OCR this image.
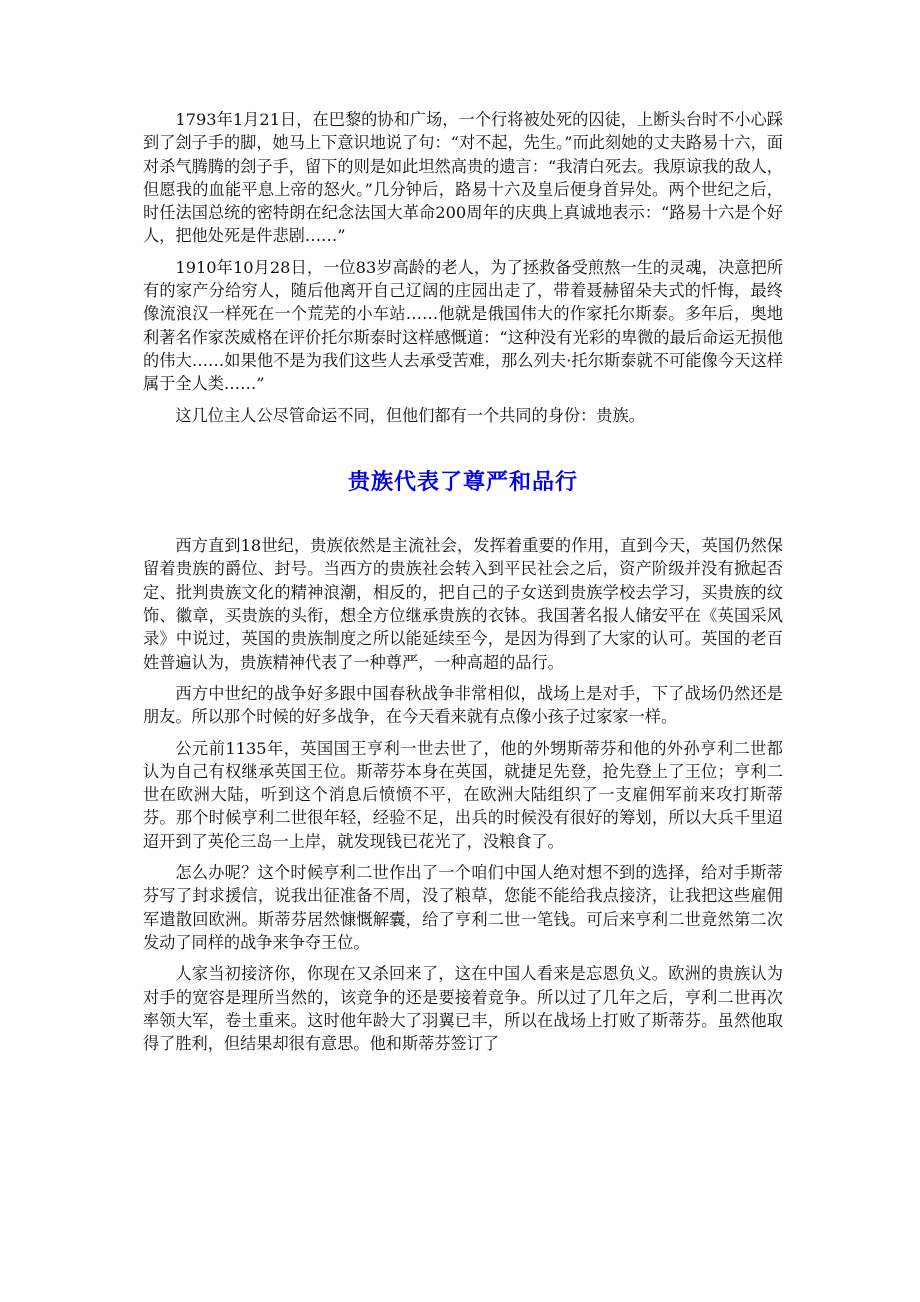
1793年1月21日，在巴黎的协和广场，一个行将被处死的囚徒，上断头台时不小心踩到了刽子手的脚，她马上下意识地说了句：“对不起，先生。”而此刻她的丈夫路易十六，面对杀气腾腾的刽子手，留下的则是如此坦然高贵的遗言：“我清白死去。我原谅我的敌人，但愿我的血能平息上帝的怒火。”几分钟后，路易十六及皇后便身首异处。两个世纪之后，时任法国总统的密特朗在纪念法国大革命200周年的庆典上真诚地表示：“路易十六是个好人，把他处死是件悲剧……”

1910年10月28日，一位83岁高龄的老人，为了拯救备受煎熬一生的灵魂，决意把所有的家产分给穷人，随后他离开自己辽阔的庄园出走了，带着聂赫留朵夫式的忏悔，最终像流浪汉一样死在一个荒芜的小车站……他就是俄国伟大的作家托尔斯泰。多年后，奥地利著名作家茨威格在评价托尔斯泰时这样感慨道：“这种没有光彩的卑微的最后命运无损他的伟大……如果他不是为我们这些人去承受苦难，那么列夫·托尔斯泰就不可能像今天这样属于全人类……”

这几位主人公尽管命运不同，但他们都有一个共同的身份：贵族。

贵族代表了尊严和品行

西方直到18世纪，贵族依然是主流社会，发挥着重要的作用，直到今天，英国仍然保留着贵族的爵位、封号。当西方的贵族社会转入到平民社会之后，资产阶级并没有掀起否定、批判贵族文化的精神浪潮，相反的，把自己的子女送到贵族学校去学习，买贵族的纹饰、徽章，买贵族的头衔，想全方位继承贵族的衣钵。我国著名报人储安平在《英国采风录》中说过，英国的贵族制度之所以能延续至今，是因为得到了大家的认可。英国的老百姓普遍认为，贵族精神代表了一种尊严，一种高超的品行。

西方中世纪的战争好多跟中国春秋战争非常相似，战场上是对手，下了战场仍然还是朋友。所以那个时候的好多战争，在今天看来就有点像小孩子过家家一样。

公元前1135年，英国国王亨利一世去世了，他的外甥斯蒂芬和他的外孙亨利二世都认为自己有权继承英国王位。斯蒂芬本身在英国，就捷足先登，抢先登上了王位；亨利二世在欧洲大陆，听到这个消息后愤愤不平，在欧洲大陆组织了一支雇佣军前来攻打斯蒂芬。那个时候亨利二世很年轻，经验不足，出兵的时候没有很好的筹划，所以大兵千里迢迢开到了英伦三岛一上岸，就发现钱已花光了，没粮食了。

怎么办呢？这个时候亨利二世作出了一个咱们中国人绝对想不到的选择，给对手斯蒂芬写了封求援信，说我出征准备不周，没了粮草，您能不能给我点接济，让我把这些雇佣军遣散回欧洲。斯蒂芬居然慷慨解囊，给了亨利二世一笔钱。可后来亨利二世竟然第二次发动了同样的战争来争夺王位。

人家当初接济你，你现在又杀回来了，这在中国人看来是忘恩负义。欧洲的贵族认为对手的宽容是理所当然的，该竞争的还是要接着竞争。所以过了几年之后，亨利二世再次率领大军，卷土重来。这时他年龄大了羽翼已丰，所以在战场上打败了斯蒂芬。虽然他取得了胜利，但结果却很有意思。他和斯蒂芬签订了
